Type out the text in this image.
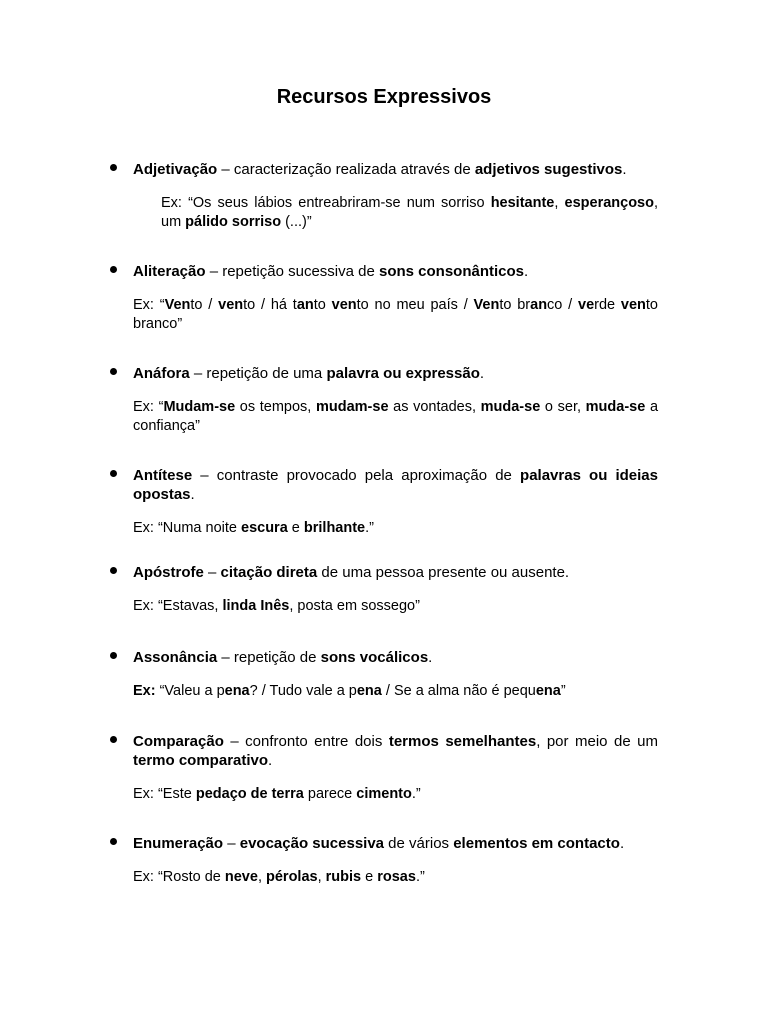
Recursos Expressivos
Adjetivação – caracterização realizada através de adjetivos sugestivos.
Ex: “Os seus lábios entreabriram-se num sorriso hesitante, esperançoso, um pálido sorriso (...)”
Aliteração – repetição sucessiva de sons consonânticos.
Ex: “Vento / vento / há tanto vento no meu país / Vento branco / verde vento branco”
Anáfora – repetição de uma palavra ou expressão.
Ex: “Mudam-se os tempos, mudam-se as vontades, muda-se o ser, muda-se a confiança”
Antítese – contraste provocado pela aproximação de palavras ou ideias opostas.
Ex: “Numa noite escura e brilhante.”
Apóstrofe – citação direta de uma pessoa presente ou ausente.
Ex: “Estavas, linda Inês, posta em sossego”
Assonância – repetição de sons vocálicos.
Ex: “Valeu a pena? / Tudo vale a pena / Se a alma não é pequena”
Comparação – confronto entre dois termos semelhantes, por meio de um termo comparativo.
Ex: “Este pedaço de terra parece cimento.”
Enumeração – evocação sucessiva de vários elementos em contacto.
Ex: “Rosto de neve, pérolas, rubis e rosas.”
